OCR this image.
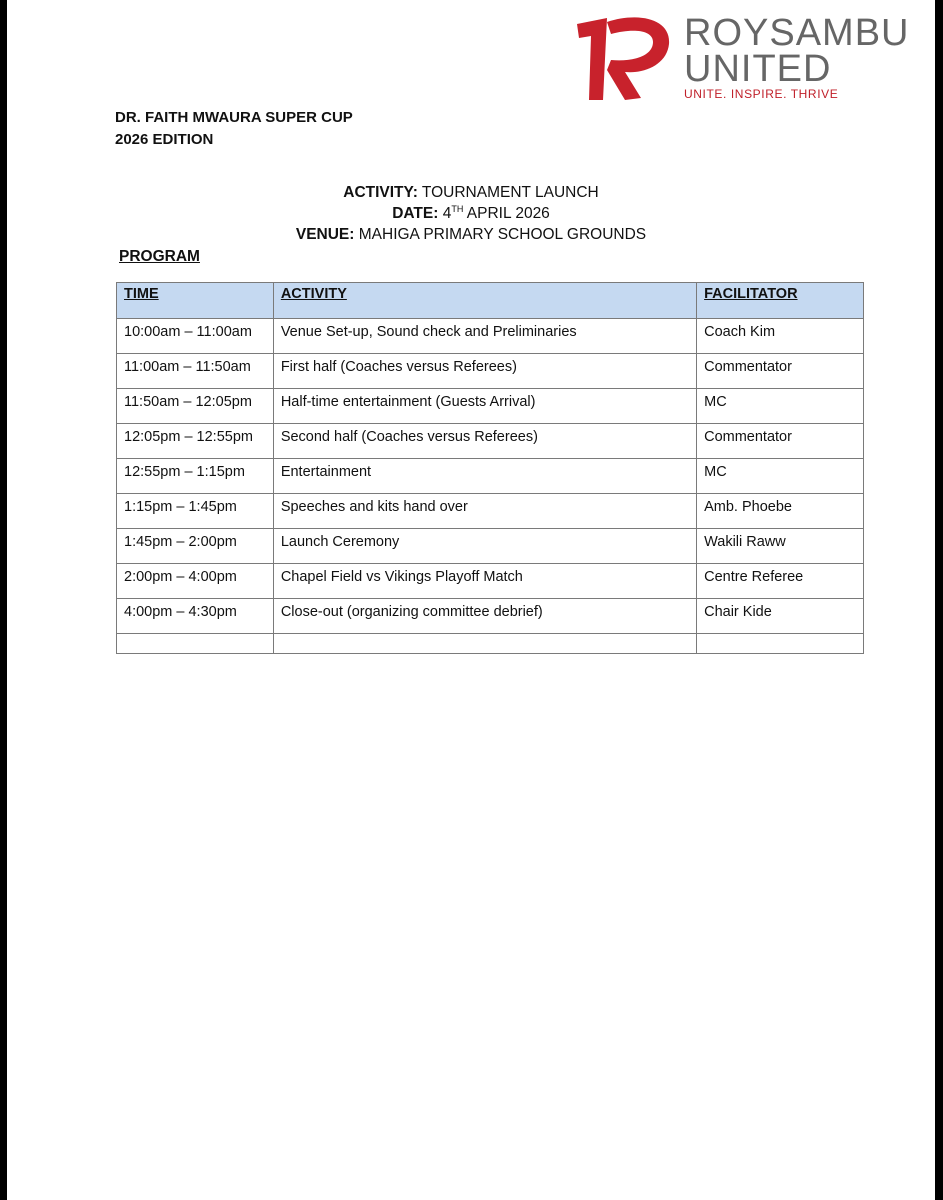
ROYSAMBU
UNITED
UNITE. INSPIRE. THRIVE
DR. FAITH MWAURA SUPER CUP
2026 EDITION
ACTIVITY: TOURNAMENT LAUNCH
DATE: 4TH APRIL 2026
VENUE: MAHIGA PRIMARY SCHOOL GROUNDS
PROGRAM
TIME	ACTIVITY	FACILITATOR
10:00am – 11:00am	Venue Set-up, Sound check and Preliminaries	Coach Kim
11:00am – 11:50am	First half (Coaches versus Referees)	Commentator
11:50am – 12:05pm	Half-time entertainment (Guests Arrival)	MC
12:05pm – 12:55pm	Second half (Coaches versus Referees)	Commentator
12:55pm – 1:15pm	Entertainment	MC
1:15pm – 1:45pm	Speeches and kits hand over	Amb. Phoebe
1:45pm – 2:00pm	Launch Ceremony	Wakili Raww
2:00pm – 4:00pm	Chapel Field vs Vikings Playoff Match	Centre Referee
4:00pm – 4:30pm	Close-out (organizing committee debrief)	Chair Kide
